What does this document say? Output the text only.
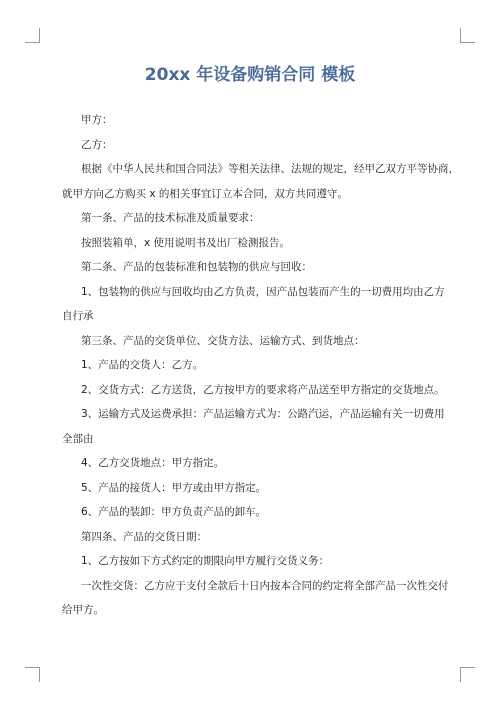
20xx 年设备购销合同 模板

甲方：

乙方：

根据《中华人民共和国合同法》等相关法律、法规的规定，经甲乙双方平等协商，

就甲方向乙方购买 x 的相关事宜订立本合同，双方共同遵守。

第一条、产品的技术标准及质量要求：

按照装箱单，x 使用说明书及出厂检测报告。

第二条、产品的包装标准和包装物的供应与回收：

1、包装物的供应与回收均由乙方负责，因产品包装而产生的一切费用均由乙方

自行承

第三条、产品的交货单位、交货方法、运输方式、到货地点：

1、产品的交货人：乙方。

2、交货方式：乙方送货，乙方按甲方的要求将产品送至甲方指定的交货地点。

3、运输方式及运费承担：产品运输方式为：公路汽运，产品运输有关一切费用

全部由

4、乙方交货地点：甲方指定。

5、产品的接货人：甲方或由甲方指定。

6、产品的装卸：甲方负责产品的卸车。

第四条、产品的交货日期：

1、乙方按如下方式约定的期限向甲方履行交货义务：

一次性交货：乙方应于支付全款后十日内按本合同的约定将全部产品一次性交付

给甲方。
